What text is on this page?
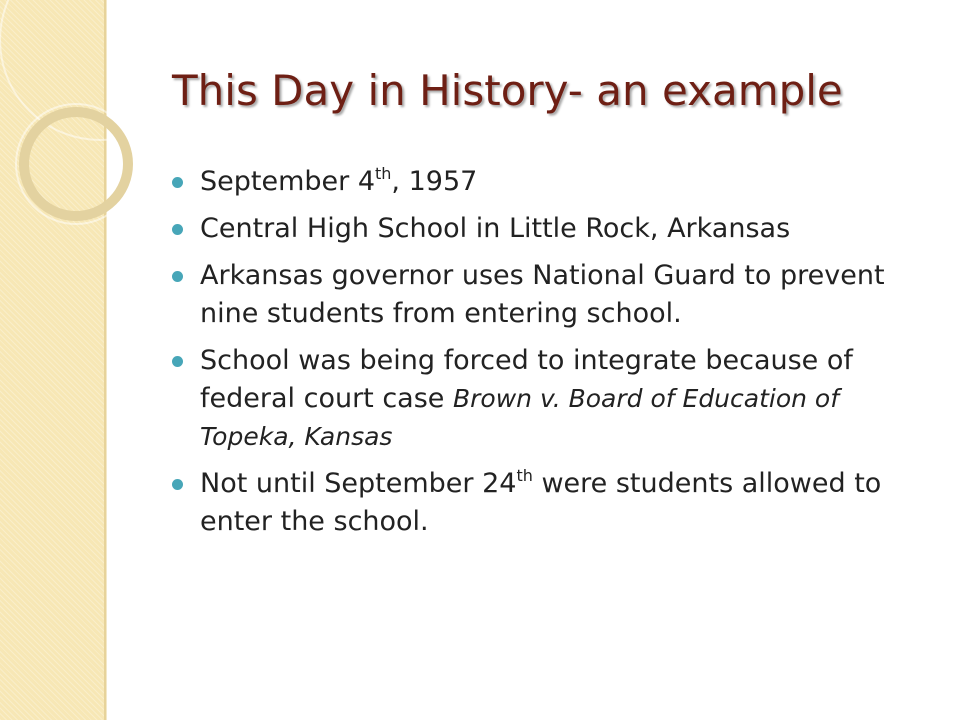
This Day in History- an example
September 4th, 1957
Central High School in Little Rock, Arkansas
Arkansas governor uses National Guard to prevent nine students from entering school.
School was being forced to integrate because of federal court case Brown v. Board of Education of Topeka, Kansas
Not until September 24th were students allowed to enter the school.
